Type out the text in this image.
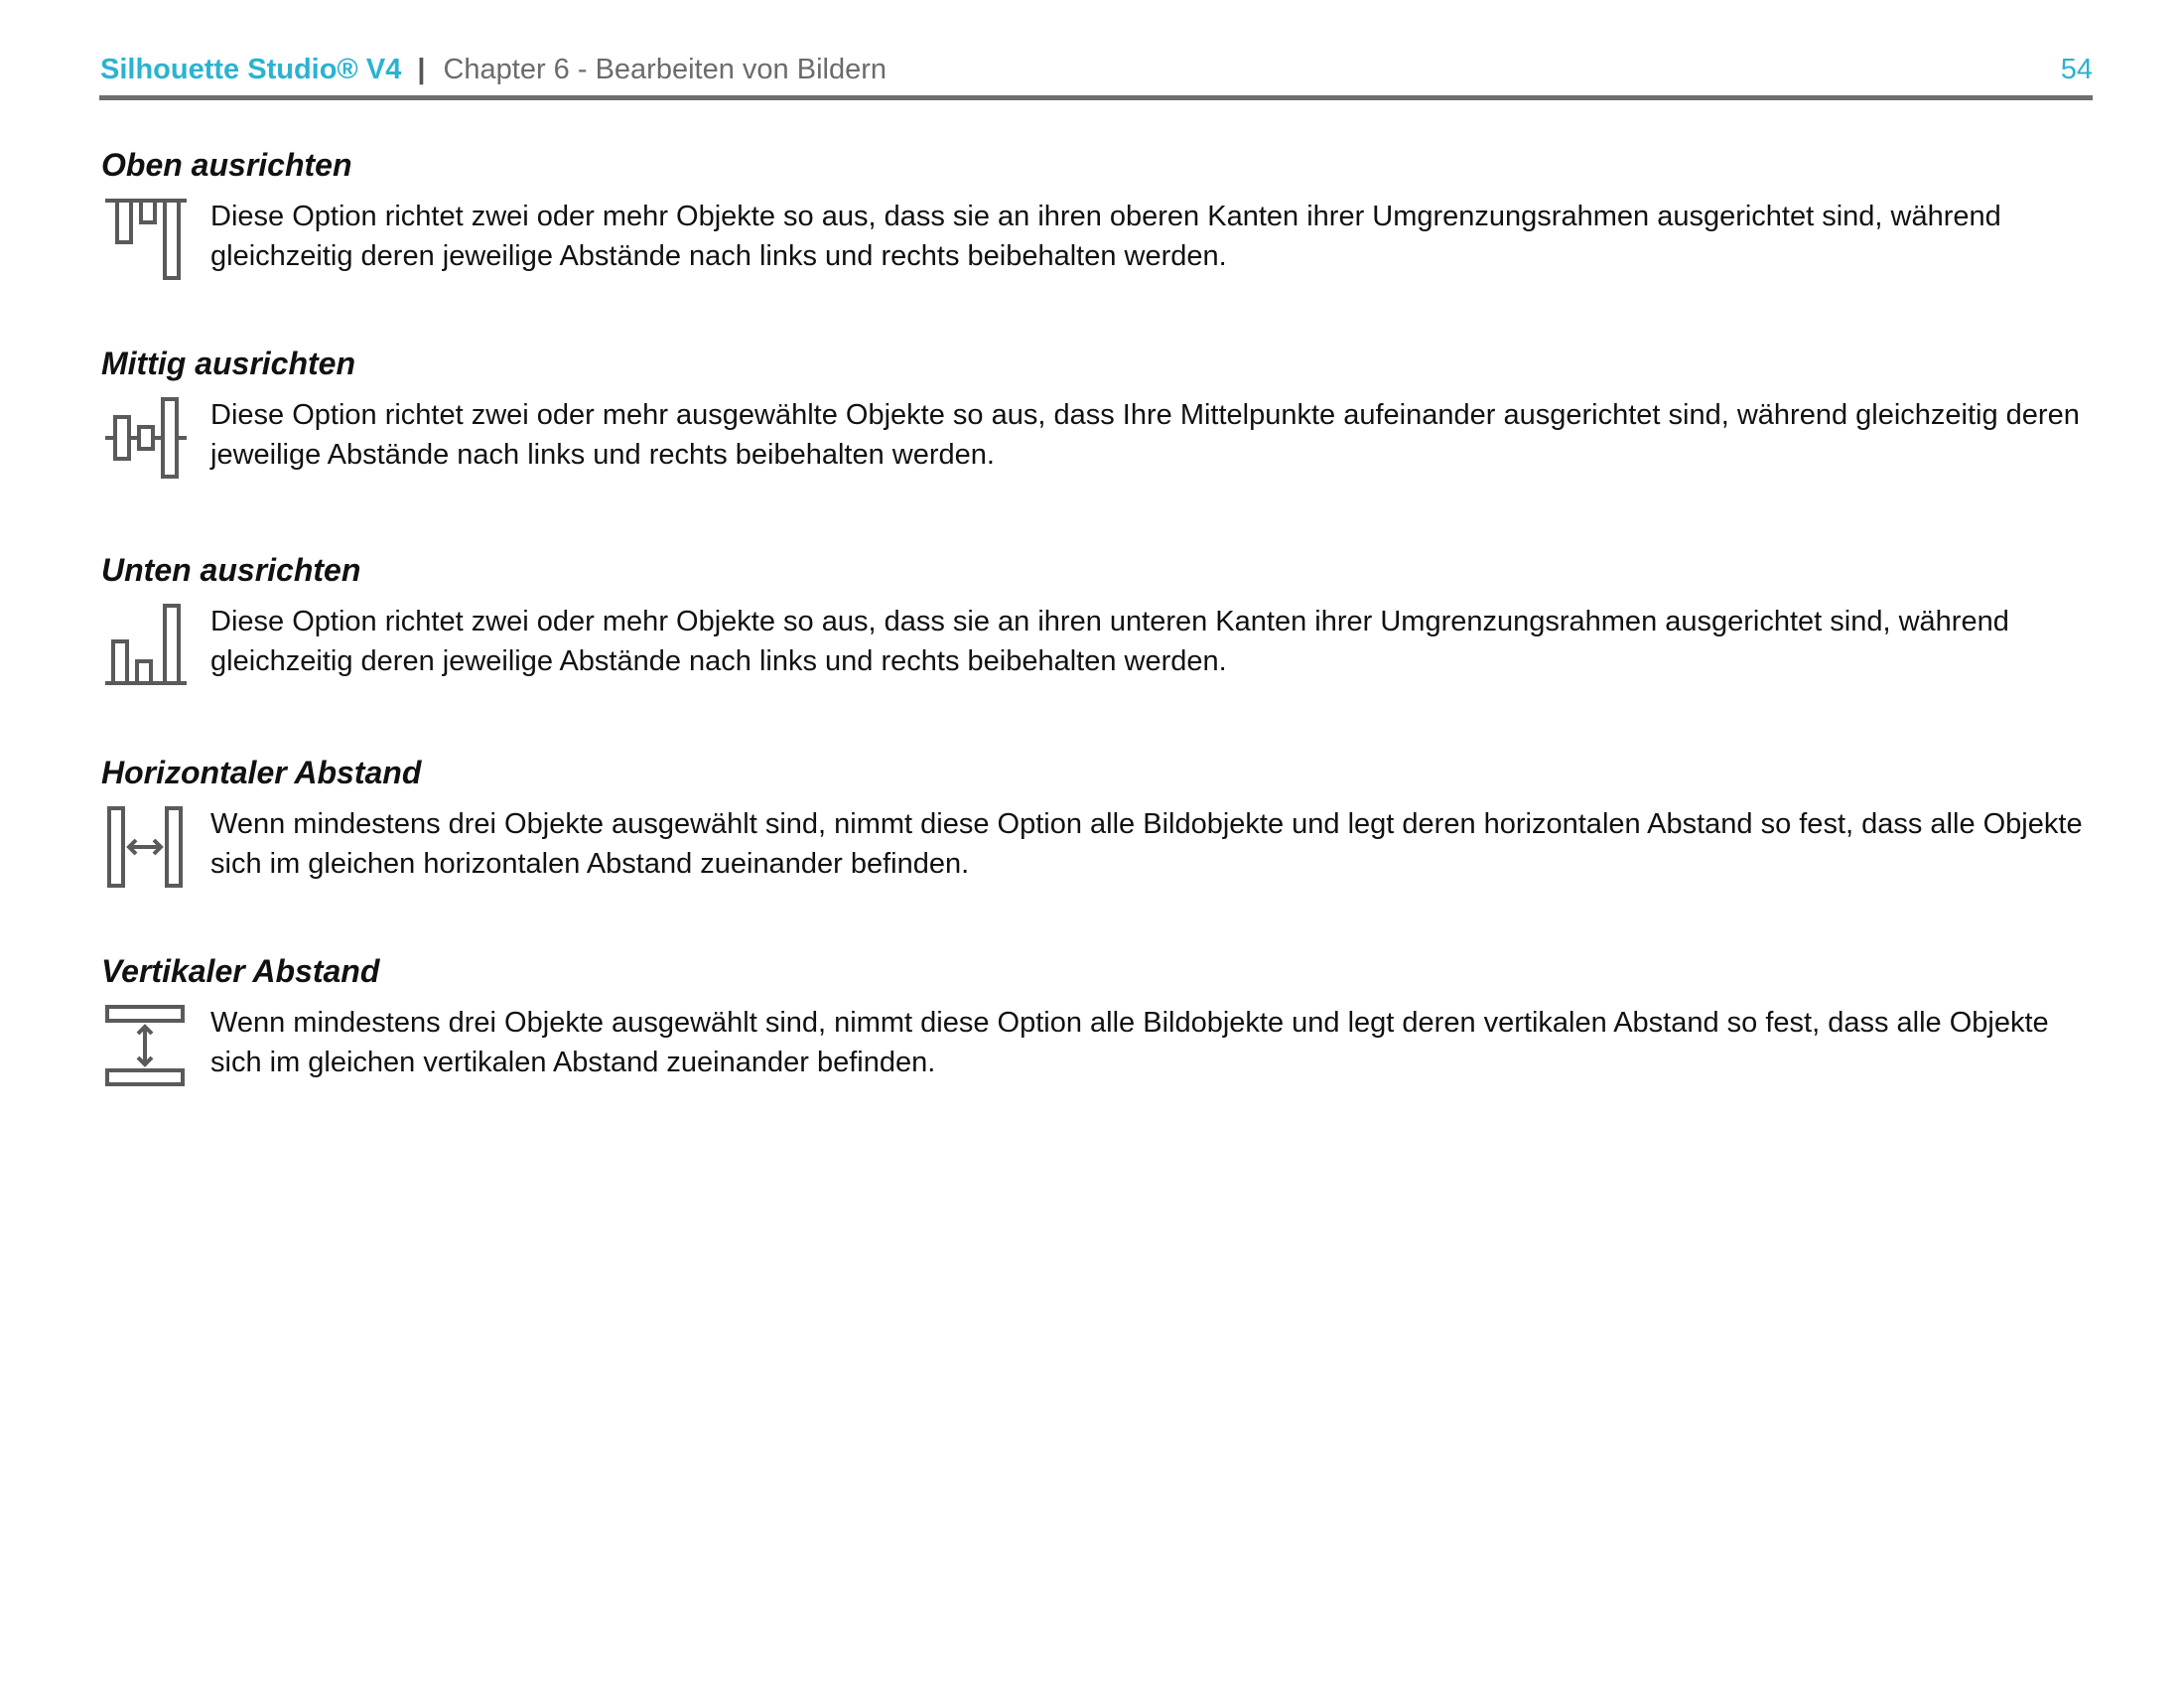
Silhouette Studio® V4 | Chapter 6 - Bearbeiten von Bildern	54
Oben ausrichten
Diese Option richtet zwei oder mehr Objekte so aus, dass sie an ihren oberen Kanten ihrer Umgrenzungsrahmen ausgerichtet sind, während gleichzeitig deren jeweilige Abstände nach links und rechts beibehalten werden.
Mittig ausrichten
Diese Option richtet zwei oder mehr ausgewählte Objekte so aus, dass Ihre Mittelpunkte aufeinander ausgerichtet sind, während gleichzeitig deren jeweilige Abstände nach links und rechts beibehalten werden.
Unten ausrichten
Diese Option richtet zwei oder mehr Objekte so aus, dass sie an ihren unteren Kanten ihrer Umgrenzungsrahmen ausgerichtet sind, während gleichzeitig deren jeweilige Abstände nach links und rechts beibehalten werden.
Horizontaler Abstand
Wenn mindestens drei Objekte ausgewählt sind, nimmt diese Option alle Bildobjekte und legt deren horizontalen Abstand so fest, dass alle Objekte sich im gleichen horizontalen Abstand zueinander befinden.
Vertikaler Abstand
Wenn mindestens drei Objekte ausgewählt sind, nimmt diese Option alle Bildobjekte und legt deren vertikalen Abstand so fest, dass alle Objekte sich im gleichen vertikalen Abstand zueinander befinden.
